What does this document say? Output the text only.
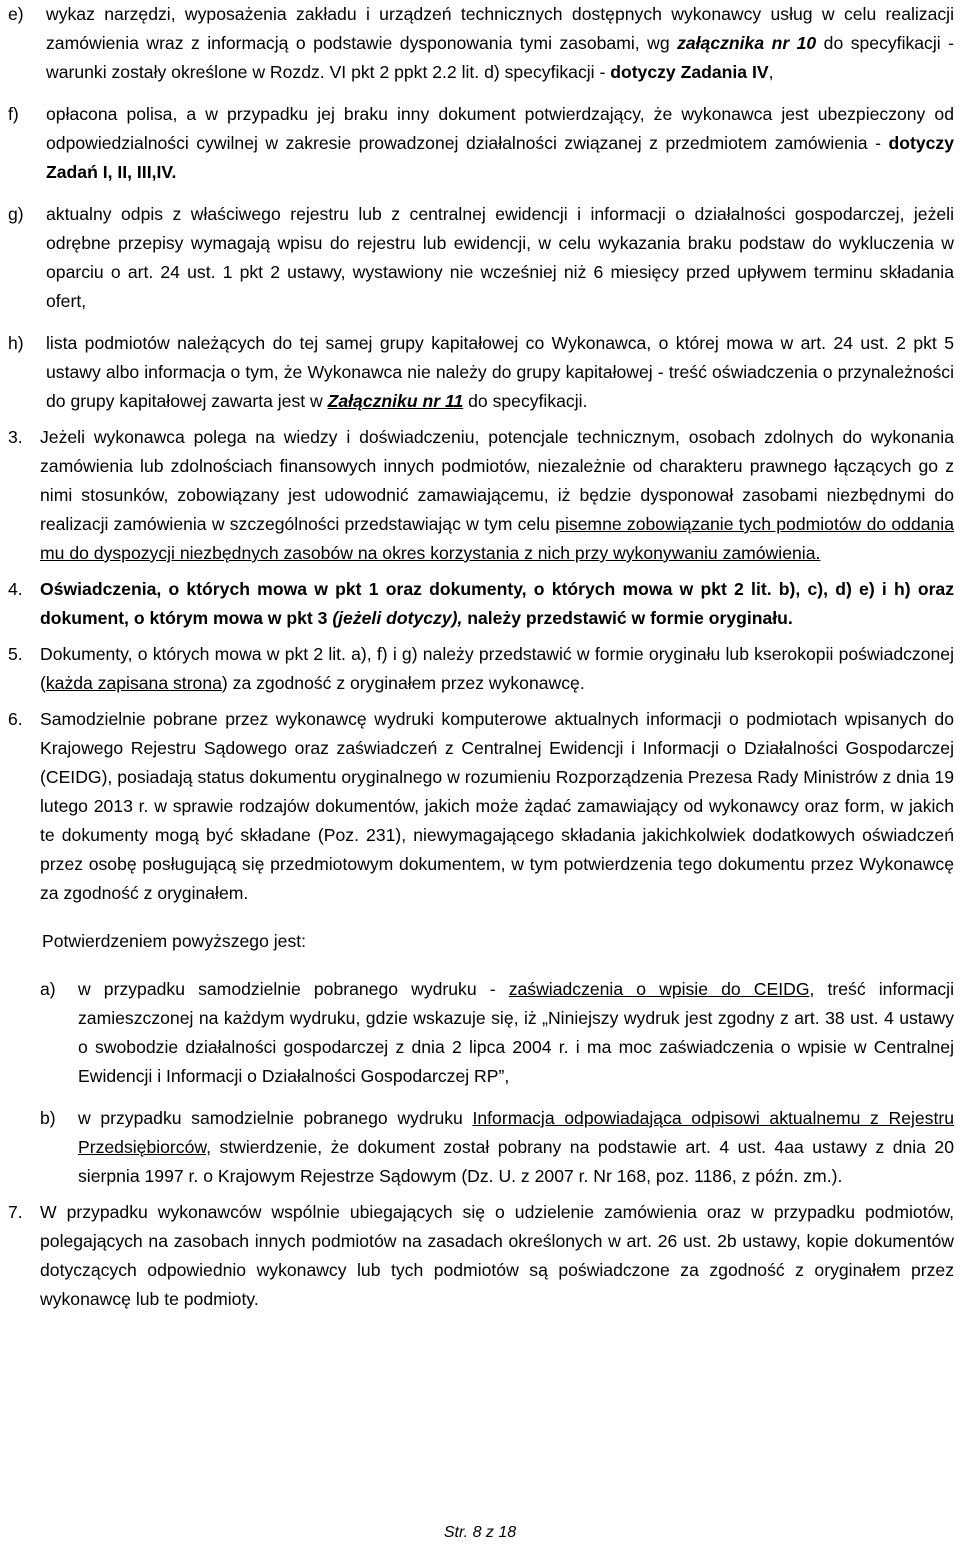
e)	wykaz narzędzi, wyposażenia zakładu i urządzeń technicznych dostępnych wykonawcy usług w celu realizacji zamówienia wraz z informacją o podstawie dysponowania tymi zasobami, wg załącznika nr 10 do specyfikacji - warunki zostały określone w Rozdz. VI pkt 2 ppkt 2.2 lit. d) specyfikacji - dotyczy Zadania IV,
f)	opłacona polisa, a w przypadku jej braku inny dokument potwierdzający, że wykonawca jest ubezpieczony od odpowiedzialności cywilnej w zakresie prowadzonej działalności związanej z przedmiotem zamówienia - dotyczy Zadań I, II, III,IV.
g)	aktualny odpis z właściwego rejestru lub z centralnej ewidencji i informacji o działalności gospodarczej, jeżeli odrębne przepisy wymagają wpisu do rejestru lub ewidencji, w celu wykazania braku podstaw do wykluczenia w oparciu o art. 24 ust. 1 pkt 2 ustawy, wystawiony nie wcześniej niż 6 miesięcy przed upływem terminu składania ofert,
h)	lista podmiotów należących do tej samej grupy kapitałowej co Wykonawca, o której mowa w art. 24 ust. 2 pkt 5 ustawy albo informacja o tym, że Wykonawca nie należy do grupy kapitałowej - treść oświadczenia o przynależności do grupy kapitałowej zawarta jest w Załączniku nr 11 do specyfikacji.
3. Jeżeli wykonawca polega na wiedzy i doświadczeniu, potencjale technicznym, osobach zdolnych do wykonania zamówienia lub zdolnościach finansowych innych podmiotów, niezależnie od charakteru prawnego łączących go z nimi stosunków, zobowiązany jest udowodnić zamawiającemu, iż będzie dysponował zasobami niezbędnymi do realizacji zamówienia w szczególności przedstawiając w tym celu pisemne zobowiązanie tych podmiotów do oddania mu do dyspozycji niezbędnych zasobów na okres korzystania z nich przy wykonywaniu zamówienia.
4. Oświadczenia, o których mowa w pkt 1 oraz dokumenty, o których mowa w pkt 2 lit. b), c), d) e) i h) oraz dokument, o którym mowa w pkt 3 (jeżeli dotyczy), należy przedstawić w formie oryginału.
5. Dokumenty, o których mowa w pkt 2 lit. a), f) i g) należy przedstawić w formie oryginału lub kserokopii poświadczonej (każda zapisana strona) za zgodność z oryginałem przez wykonawcę.
6. Samodzielnie pobrane przez wykonawcę wydruki komputerowe aktualnych informacji o podmiotach wpisanych do Krajowego Rejestru Sądowego oraz zaświadczeń z Centralnej Ewidencji i Informacji o Działalności Gospodarczej (CEIDG), posiadają status dokumentu oryginalnego w rozumieniu Rozporządzenia Prezesa Rady Ministrów z dnia 19 lutego 2013 r. w sprawie rodzajów dokumentów, jakich może żądać zamawiający od wykonawcy oraz form, w jakich te dokumenty mogą być składane (Poz. 231), niewymagającego składania jakichkolwiek dodatkowych oświadczeń przez osobę posługującą się przedmiotowym dokumentem, w tym potwierdzenia tego dokumentu przez Wykonawcę za zgodność z oryginałem.
Potwierdzeniem powyższego jest:
a)	w przypadku samodzielnie pobranego wydruku - zaświadczenia o wpisie do CEIDG, treść informacji zamieszczonej na każdym wydruku, gdzie wskazuje się, iż „Niniejszy wydruk jest zgodny z art. 38 ust. 4 ustawy o swobodzie działalności gospodarczej z dnia 2 lipca 2004 r. i ma moc zaświadczenia o wpisie w Centralnej Ewidencji i Informacji o Działalności Gospodarczej RP”,
b)	w przypadku samodzielnie pobranego wydruku Informacja odpowiadająca odpisowi aktualnemu z Rejestru Przedsiębiorców, stwierdzenie, że dokument został pobrany na podstawie art. 4 ust. 4aa ustawy z dnia 20 sierpnia 1997 r. o Krajowym Rejestrze Sądowym (Dz. U. z 2007 r. Nr 168, poz. 1186, z późn. zm.).
7. W przypadku wykonawców wspólnie ubiegających się o udzielenie zamówienia oraz w przypadku podmiotów, polegających na zasobach innych podmiotów na zasadach określonych w art. 26 ust. 2b ustawy, kopie dokumentów dotyczących odpowiednio wykonawcy lub tych podmiotów są poświadczone za zgodność z oryginałem przez wykonawcę lub te podmioty.
Str. 8 z 18
